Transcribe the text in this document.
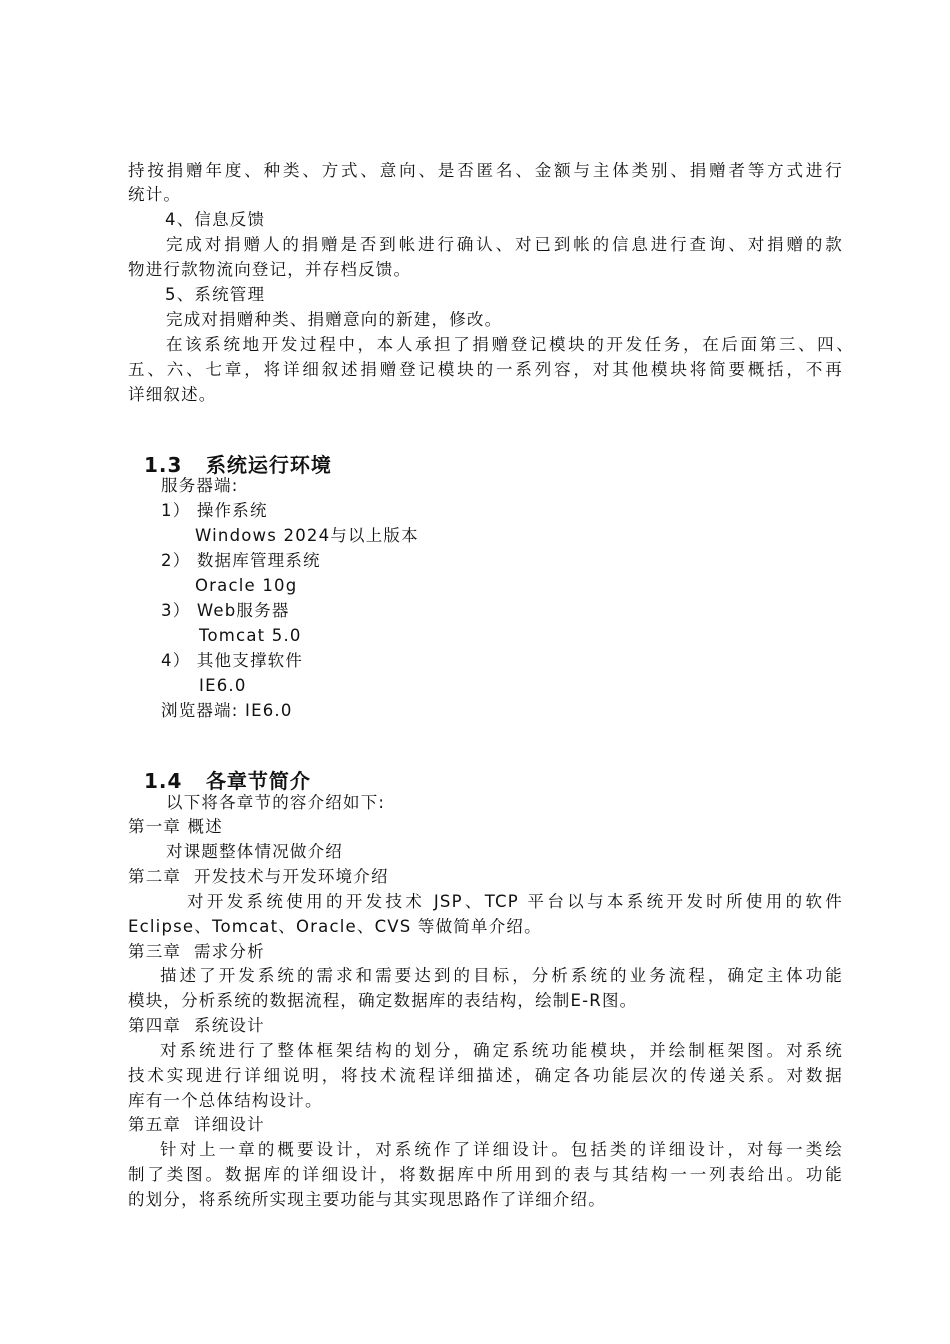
持按捐赠年度、种类、方式、意向、是否匿名、金额与主体类别、捐赠者等方式进行
统计。
4、信息反馈
完成对捐赠人的捐赠是否到帐进行确认、对已到帐的信息进行查询、对捐赠的款
物进行款物流向登记，并存档反馈。
5、系统管理
完成对捐赠种类、捐赠意向的新建，修改。
在该系统地开发过程中，本人承担了捐赠登记模块的开发任务，在后面第三、四、
五、六、七章，将详细叙述捐赠登记模块的一系列容，对其他模块将简要概括，不再
详细叙述。

1.3 系统运行环境

服务器端:
1） 操作系统
Windows 2024与以上版本
2） 数据库管理系统
Oracle 10g
3） Web服务器
Tomcat 5.0
4） 其他支撑软件
IE6.0
浏览器端: IE6.0

1.4 各章节简介

以下将各章节的容介绍如下:
第一章 概述
对课题整体情况做介绍
第二章  开发技术与开发环境介绍
对开发系统使用的开发技术 JSP、TCP 平台以与本系统开发时所使用的软件
Eclipse、Tomcat、Oracle、CVS 等做简单介绍。
第三章  需求分析
描述了开发系统的需求和需要达到的目标，分析系统的业务流程，确定主体功能
模块，分析系统的数据流程，确定数据库的表结构，绘制E-R图。
第四章  系统设计
对系统进行了整体框架结构的划分，确定系统功能模块，并绘制框架图。对系统
技术实现进行详细说明，将技术流程详细描述，确定各功能层次的传递关系。对数据
库有一个总体结构设计。
第五章  详细设计
针对上一章的概要设计，对系统作了详细设计。包括类的详细设计，对每一类绘
制了类图。数据库的详细设计，将数据库中所用到的表与其结构一一列表给出。功能
的划分，将系统所实现主要功能与其实现思路作了详细介绍。
